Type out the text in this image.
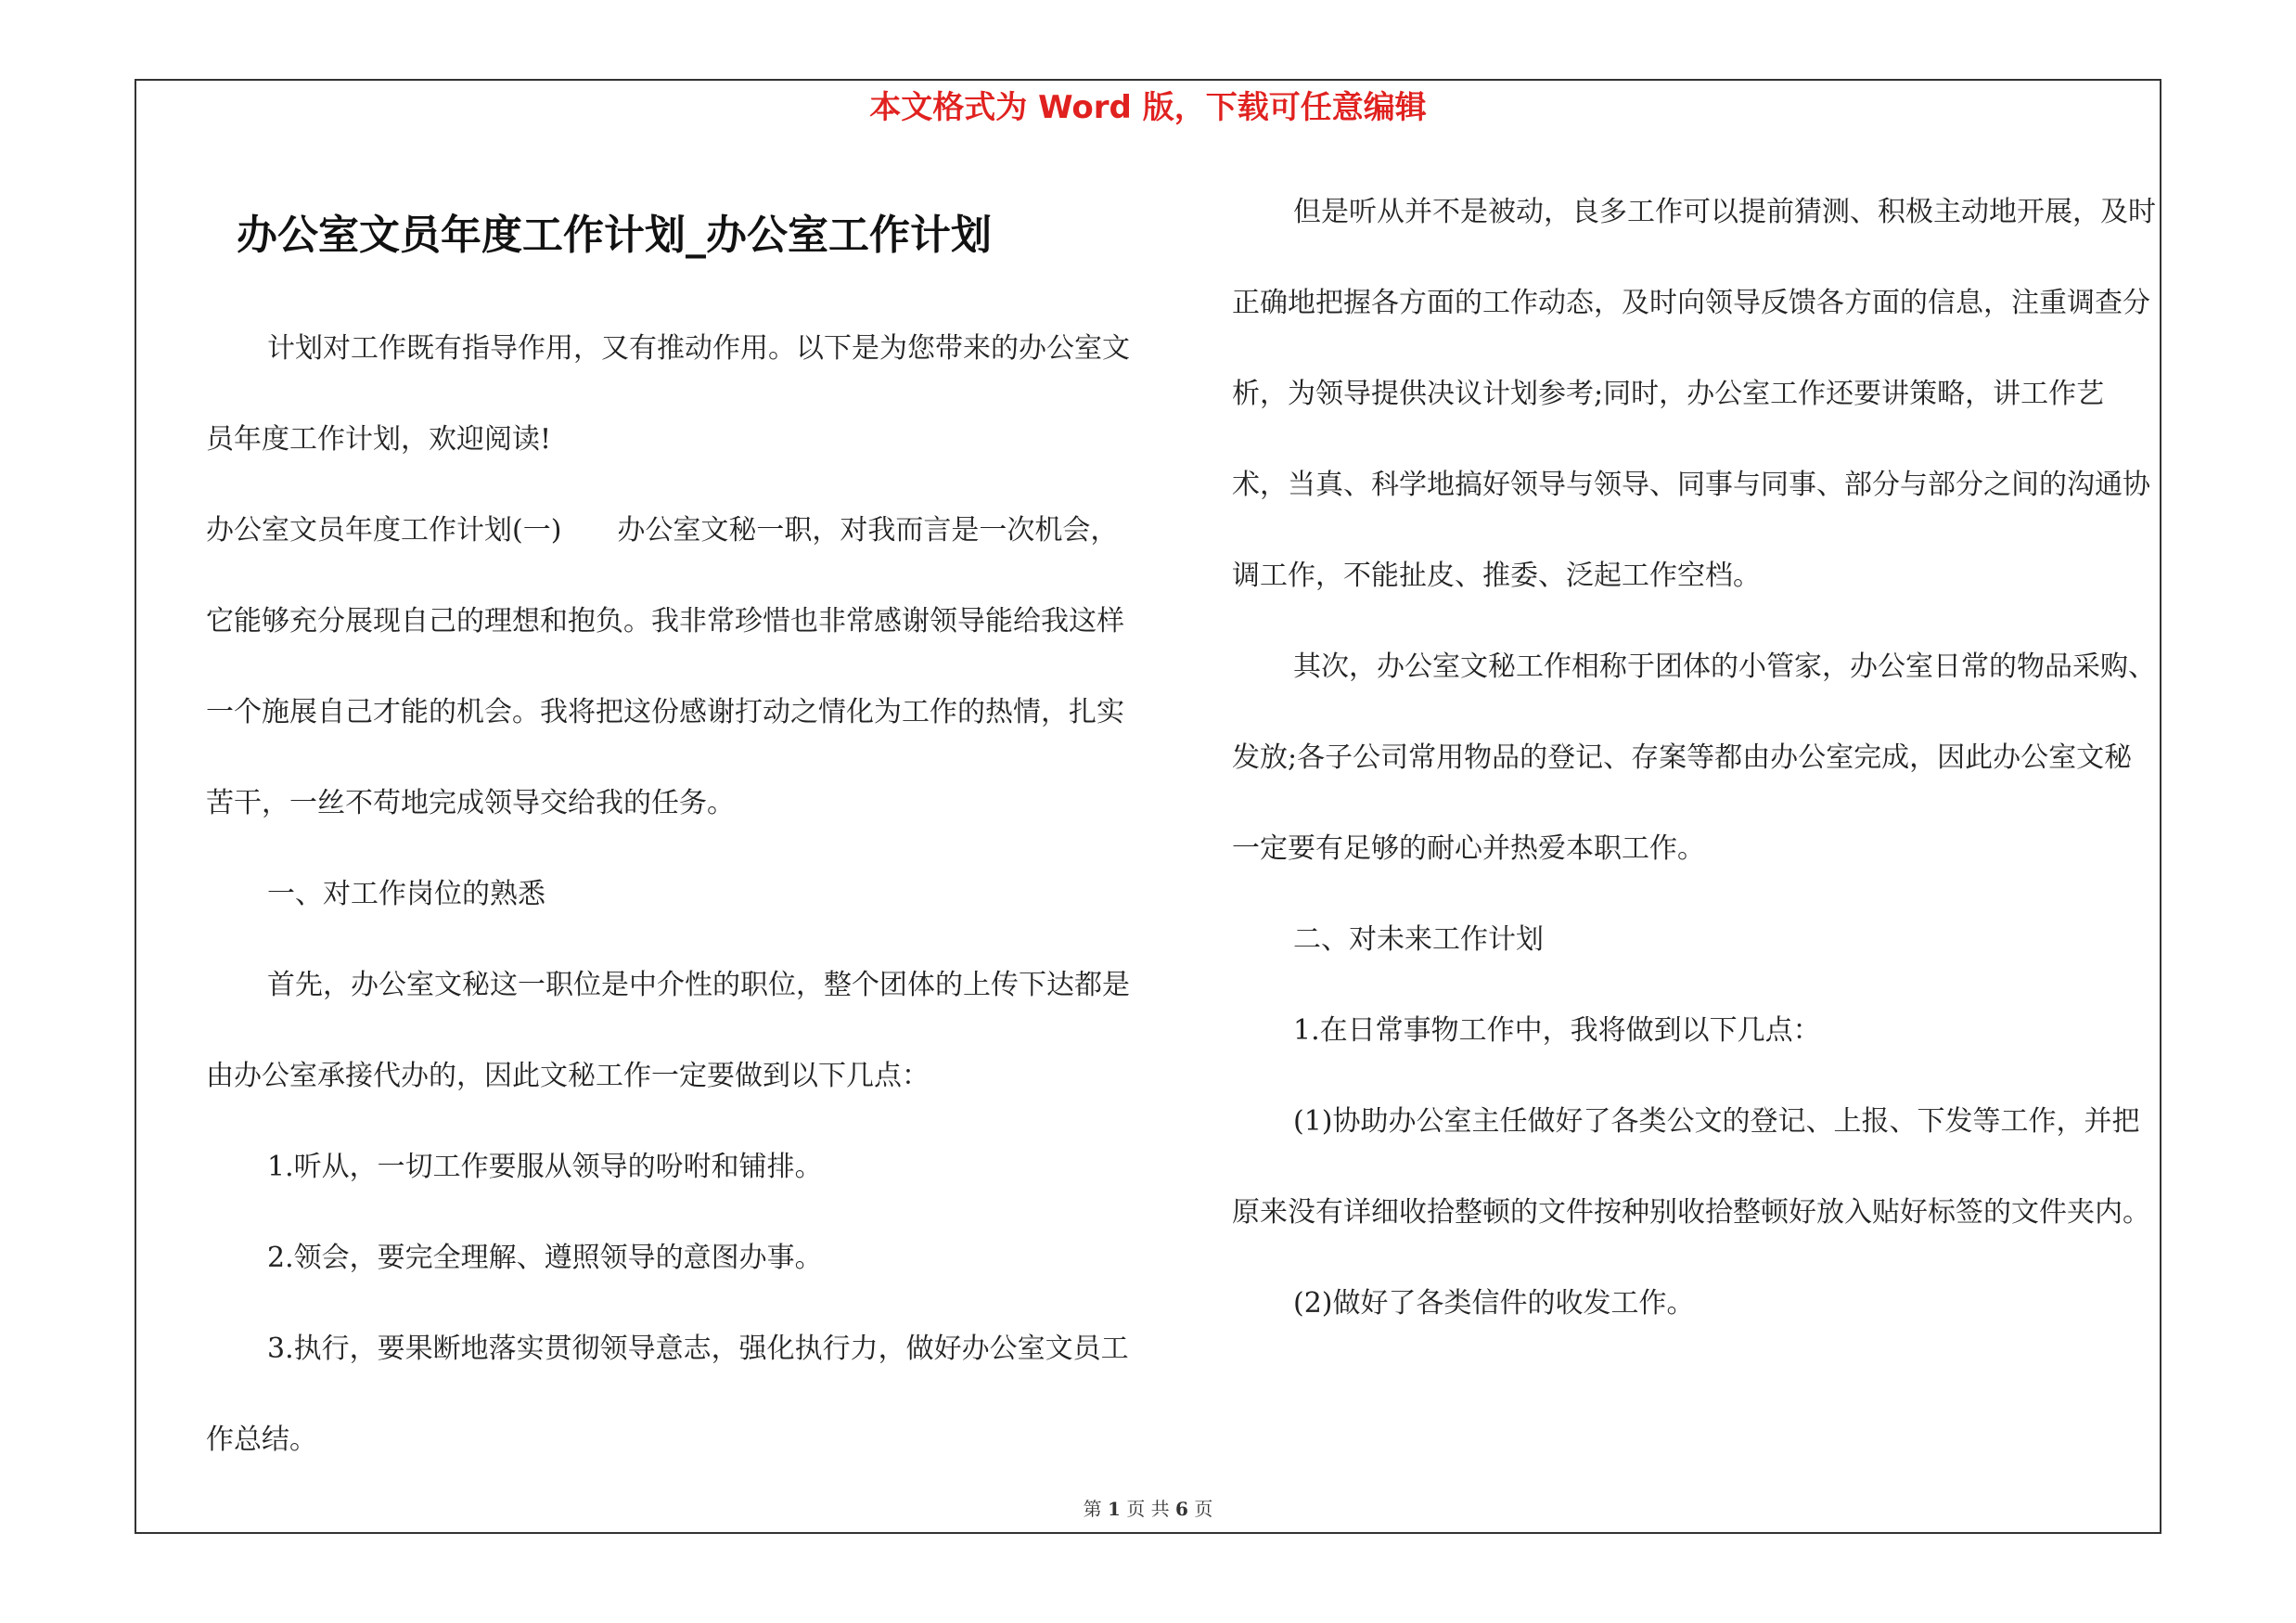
本文格式为 Word 版，下载可任意编辑
办公室文员年度工作计划_办公室工作计划

计划对工作既有指导作用，又有推动作用。以下是为您带来的办公室文员年度工作计划，欢迎阅读!

办公室文员年度工作计划(一)　　办公室文秘一职，对我而言是一次机会，它能够充分展现自己的理想和抱负。我非常珍惜也非常感谢领导能给我这样一个施展自己才能的机会。我将把这份感谢打动之情化为工作的热情，扎实苦干，一丝不苟地完成领导交给我的任务。

一、对工作岗位的熟悉

首先，办公室文秘这一职位是中介性的职位，整个团体的上传下达都是由办公室承接代办的，因此文秘工作一定要做到以下几点：

1.听从，一切工作要服从领导的吩咐和铺排。

2.领会，要完全理解、遵照领导的意图办事。

3.执行，要果断地落实贯彻领导意志，强化执行力，做好办公室文员工作总结。

但是听从并不是被动，良多工作可以提前猜测、积极主动地开展，及时正确地把握各方面的工作动态，及时向领导反馈各方面的信息，注重调查分析，为领导提供决议计划参考;同时，办公室工作还要讲策略，讲工作艺术，当真、科学地搞好领导与领导、同事与同事、部分与部分之间的沟通协调工作，不能扯皮、推委、泛起工作空档。

其次，办公室文秘工作相称于团体的小管家，办公室日常的物品采购、发放;各子公司常用物品的登记、存案等都由办公室完成，因此办公室文秘一定要有足够的耐心并热爱本职工作。

二、对未来工作计划

1.在日常事物工作中，我将做到以下几点：

(1)协助办公室主任做好了各类公文的登记、上报、下发等工作，并把原来没有详细收拾整顿的文件按种别收拾整顿好放入贴好标签的文件夹内。

(2)做好了各类信件的收发工作。

第 1 页 共 6 页
